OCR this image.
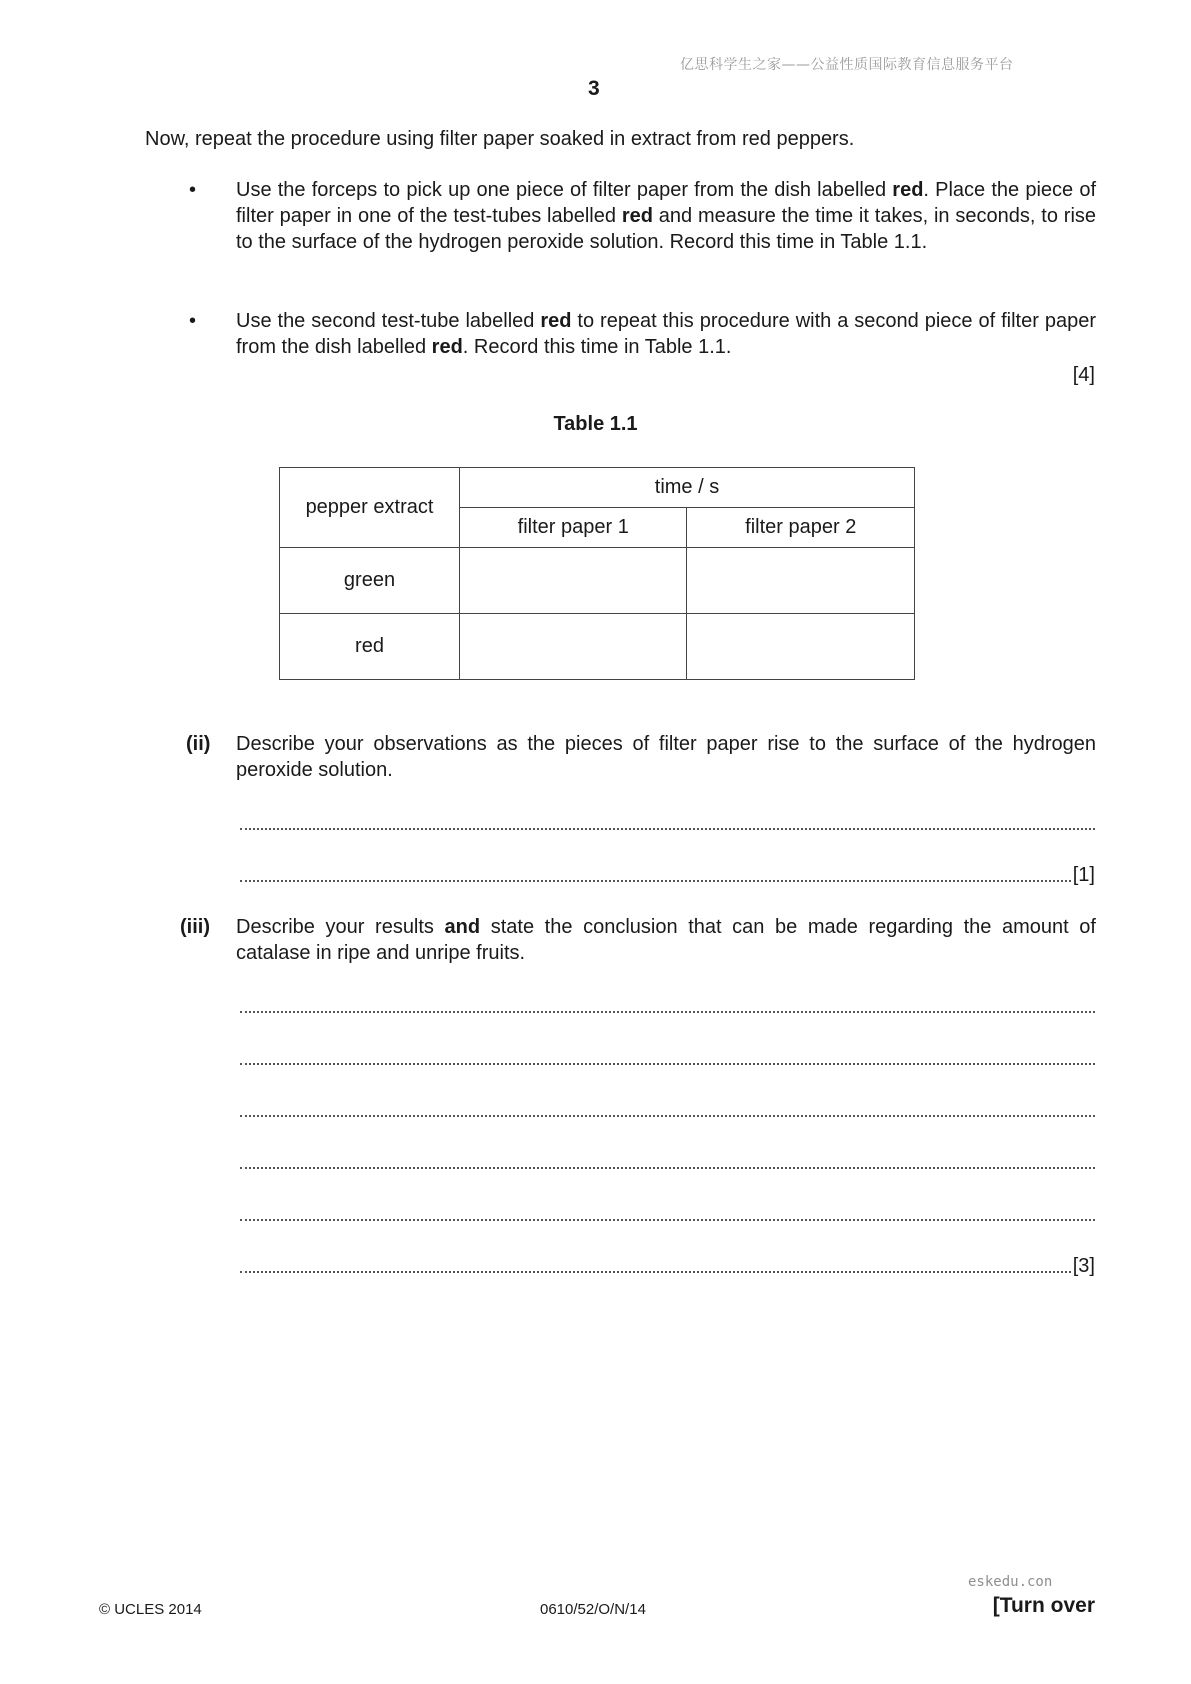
亿思科学生之家——公益性质国际教育信息服务平台
3
Now, repeat the procedure using filter paper soaked in extract from red peppers.
• Use the forceps to pick up one piece of filter paper from the dish labelled red. Place the piece of filter paper in one of the test-tubes labelled red and measure the time it takes, in seconds, to rise to the surface of the hydrogen peroxide solution. Record this time in Table 1.1.
• Use the second test-tube labelled red to repeat this procedure with a second piece of filter paper from the dish labelled red. Record this time in Table 1.1.
[4]
Table 1.1
pepper extract	time / s	
	filter paper 1	filter paper 2
green		
red		
(ii) Describe your observations as the pieces of filter paper rise to the surface of the hydrogen peroxide solution.
[1]
(iii) Describe your results and state the conclusion that can be made regarding the amount of catalase in ripe and unripe fruits.
[3]
© UCLES 2014	0610/52/O/N/14
eskedu.con
[Turn over
